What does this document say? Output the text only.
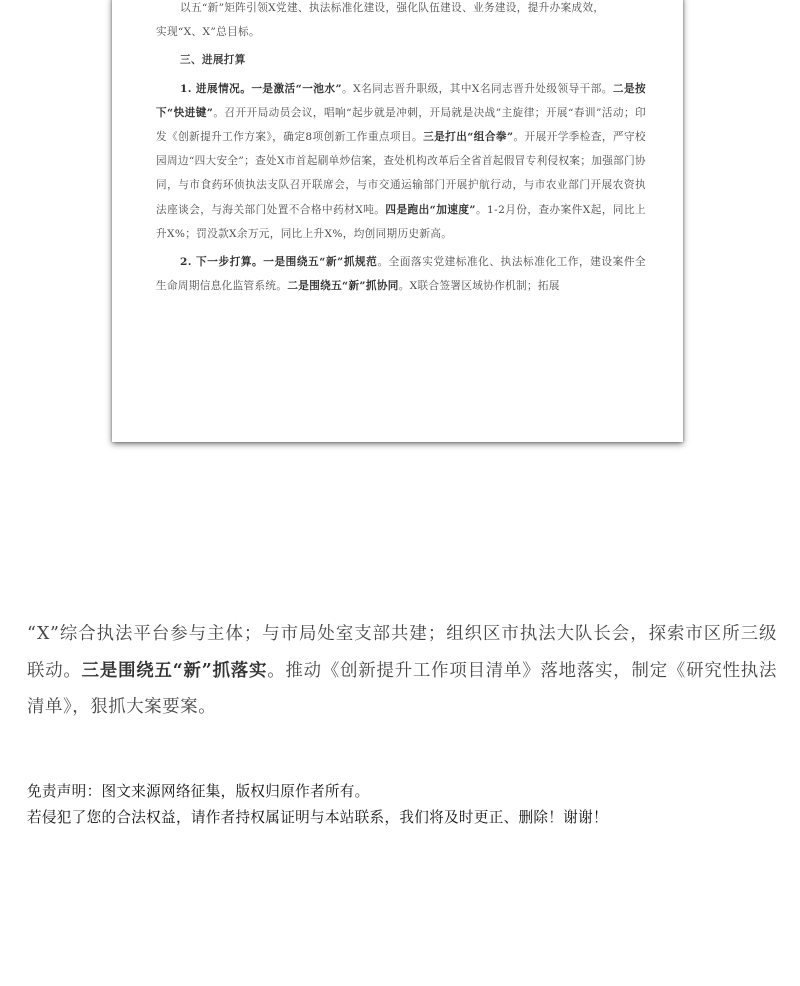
以五“新”矩阵引领X党建、执法标准化建设，强化队伍建设、业务建设，提升办案成效，
实现“X、X”总目标。

三、进展打算

1. 进展情况。一是激活“一池水”。X名同志晋升职级，其中X名同志晋升处级领导干部。二是按下“快进键”。召开开局动员会议，唱响“起步就是冲刺，开局就是决战”主旋律；开展“春训”活动；印发《创新提升工作方案》，确定8项创新工作重点项目。三是打出“组合拳”。开展开学季检查，严守校园周边“四大安全”；查处X市首起刷单炒信案，查处机构改革后全省首起假冒专利侵权案；加强部门协同，与市食药环侦执法支队召开联席会，与市交通运输部门开展护航行动，与市农业部门开展农资执法座谈会，与海关部门处置不合格中药材X吨。四是跑出“加速度”。1-2月份，查办案件X起，同比上升X%；罚没款X余万元，同比上升X%，均创同期历史新高。

2. 下一步打算。一是围绕五“新”抓规范。全面落实党建标准化、执法标准化工作，建设案件全生命周期信息化监管系统。二是围绕五“新”抓协同。X联合签署区域协作机制；拓展

“X”综合执法平台参与主体；与市局处室支部共建；组织区市执法大队长会，探索市区所三级联动。三是围绕五“新”抓落实。推动《创新提升工作项目清单》落地落实，制定《研究性执法清单》，狠抓大案要案。

免责声明：图文来源网络征集，版权归原作者所有。
若侵犯了您的合法权益，请作者持权属证明与本站联系，我们将及时更正、删除！谢谢！
